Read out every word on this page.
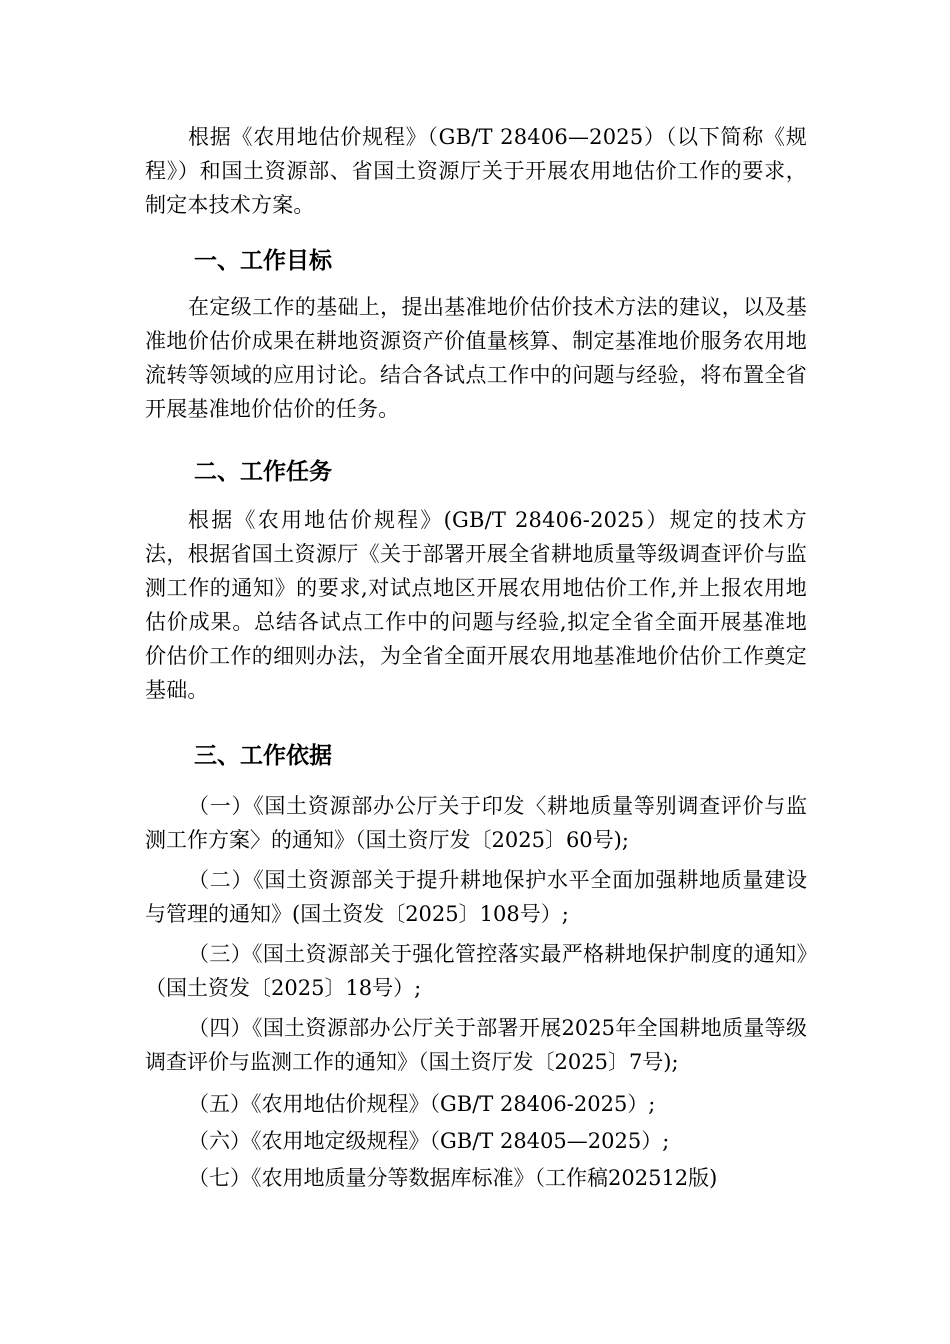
根据《农用地估价规程》（GB/T 28406—2025）（以下简称《规程》）和国土资源部、省国土资源厅关于开展农用地估价工作的要求，制定本技术方案。

一、工作目标

在定级工作的基础上，提出基准地价估价技术方法的建议，以及基准地价估价成果在耕地资源资产价值量核算、制定基准地价服务农用地流转等领域的应用讨论。结合各试点工作中的问题与经验，将布置全省开展基准地价估价的任务。

二、工作任务

根据《农用地估价规程》(GB/T 28406-2025）规定的技术方法，根据省国土资源厅《关于部署开展全省耕地质量等级调查评价与监测工作的通知》的要求,对试点地区开展农用地估价工作,并上报农用地估价成果。总结各试点工作中的问题与经验,拟定全省全面开展基准地价估价工作的细则办法，为全省全面开展农用地基准地价估价工作奠定基础。

三、工作依据

（一）《国土资源部办公厅关于印发〈耕地质量等别调查评价与监测工作方案〉的通知》（国土资厅发〔2025〕60号);

（二）《国土资源部关于提升耕地保护水平全面加强耕地质量建设与管理的通知》(国土资发〔2025〕108号）;

（三）《国土资源部关于强化管控落实最严格耕地保护制度的通知》（国土资发〔2025〕18号）;

（四）《国土资源部办公厅关于部署开展2025年全国耕地质量等级调查评价与监测工作的通知》（国土资厅发〔2025〕7号);

（五）《农用地估价规程》（GB/T 28406-2025）;

（六）《农用地定级规程》（GB/T 28405—2025）;

（七）《农用地质量分等数据库标准》（工作稿202512版)
